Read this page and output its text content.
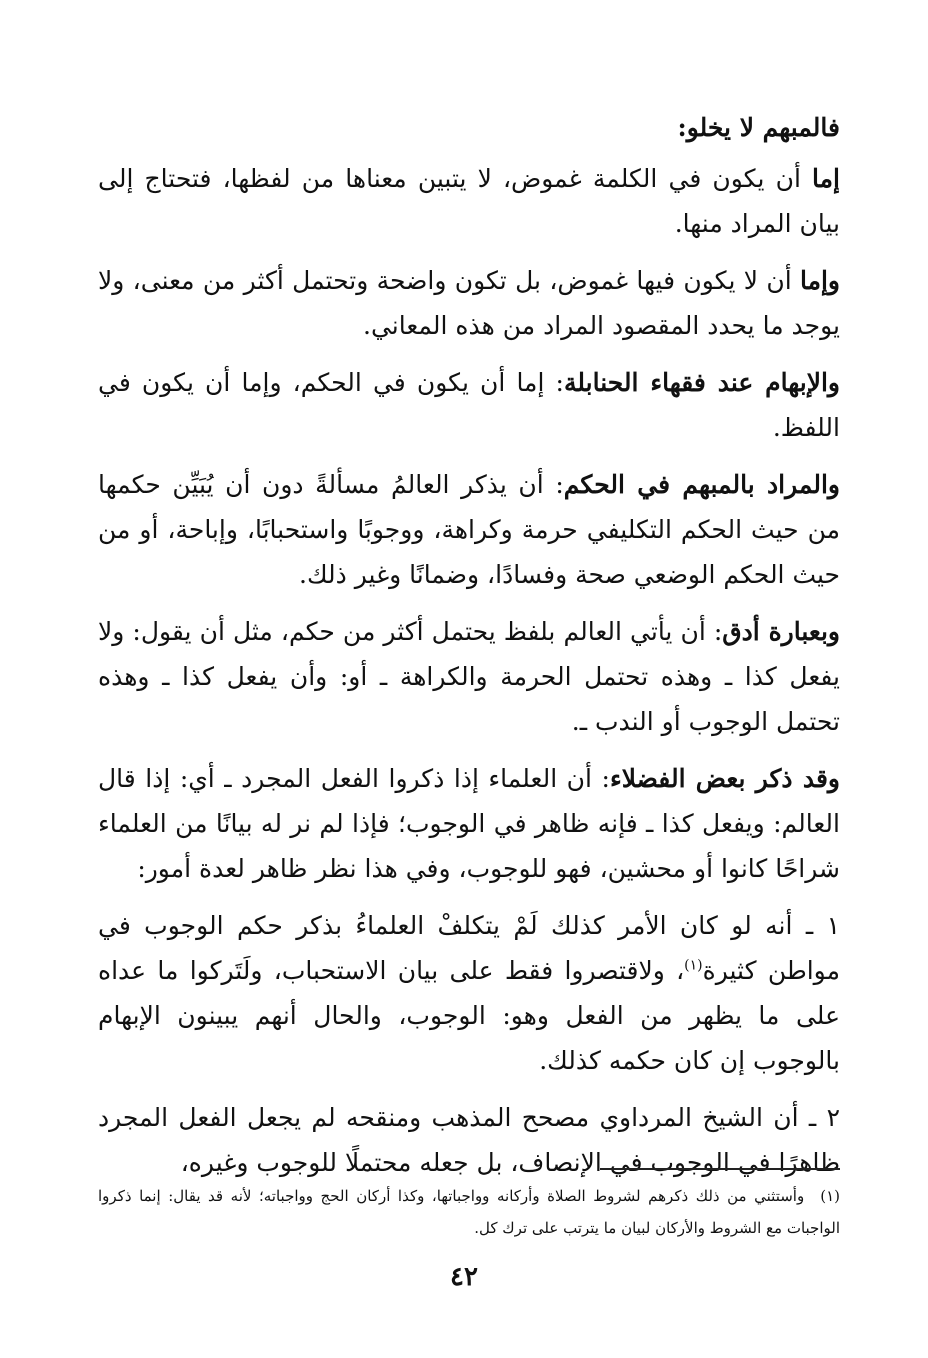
فالمبهم لا يخلو:

إما أن يكون في الكلمة غموض، لا يتبين معناها من لفظها، فتحتاج إلى بيان المراد منها.

وإما أن لا يكون فيها غموض، بل تكون واضحة وتحتمل أكثر من معنى، ولا يوجد ما يحدد المقصود المراد من هذه المعاني.

والإبهام عند فقهاء الحنابلة: إما أن يكون في الحكم، وإما أن يكون في اللفظ.

والمراد بالمبهم في الحكم: أن يذكر العالمُ مسألةً دون أن يُبَيِّن حكمها من حيث الحكم التكليفي حرمة وكراهة، ووجوبًا واستحبابًا، وإباحة، أو من حيث الحكم الوضعي صحة وفسادًا، وضمانًا وغير ذلك.

وبعبارة أدق: أن يأتي العالم بلفظ يحتمل أكثر من حكم، مثل أن يقول: ولا يفعل كذا ـ وهذه تحتمل الحرمة والكراهة ـ أو: وأن يفعل كذا ـ وهذه تحتمل الوجوب أو الندب ـ.

وقد ذكر بعض الفضلاء: أن العلماء إذا ذكروا الفعل المجرد ـ أي: إذا قال العالم: ويفعل كذا ـ فإنه ظاهر في الوجوب؛ فإذا لم نر له بيانًا من العلماء شراحًا كانوا أو محشين، فهو للوجوب، وفي هذا نظر ظاهر لعدة أمور:

١ ـ أنه لو كان الأمر كذلك لَمْ يتكلفْ العلماءُ بذكر حكم الوجوب في مواطن كثيرة$^{(١)}$، ولاقتصروا فقط على بيان الاستحباب، ولَتَركوا ما عداه على ما يظهر من الفعل وهو: الوجوب، والحال أنهم يبينون الإبهام بالوجوب إن كان حكمه كذلك.

٢ ـ أن الشيخ المرداوي مصحح المذهب ومنقحه لم يجعل الفعل المجرد ظاهرًا في الوجوب في الإنصاف، بل جعله محتملًا للوجوب وغيره،

(١)وأستثني من ذلك ذكرهم لشروط الصلاة وأركانه وواجباتها، وكذا أركان الحج وواجباته؛ لأنه قد يقال: إنما ذكروا الواجبات مع الشروط والأركان لبيان ما يترتب على ترك كل.
٤٢
